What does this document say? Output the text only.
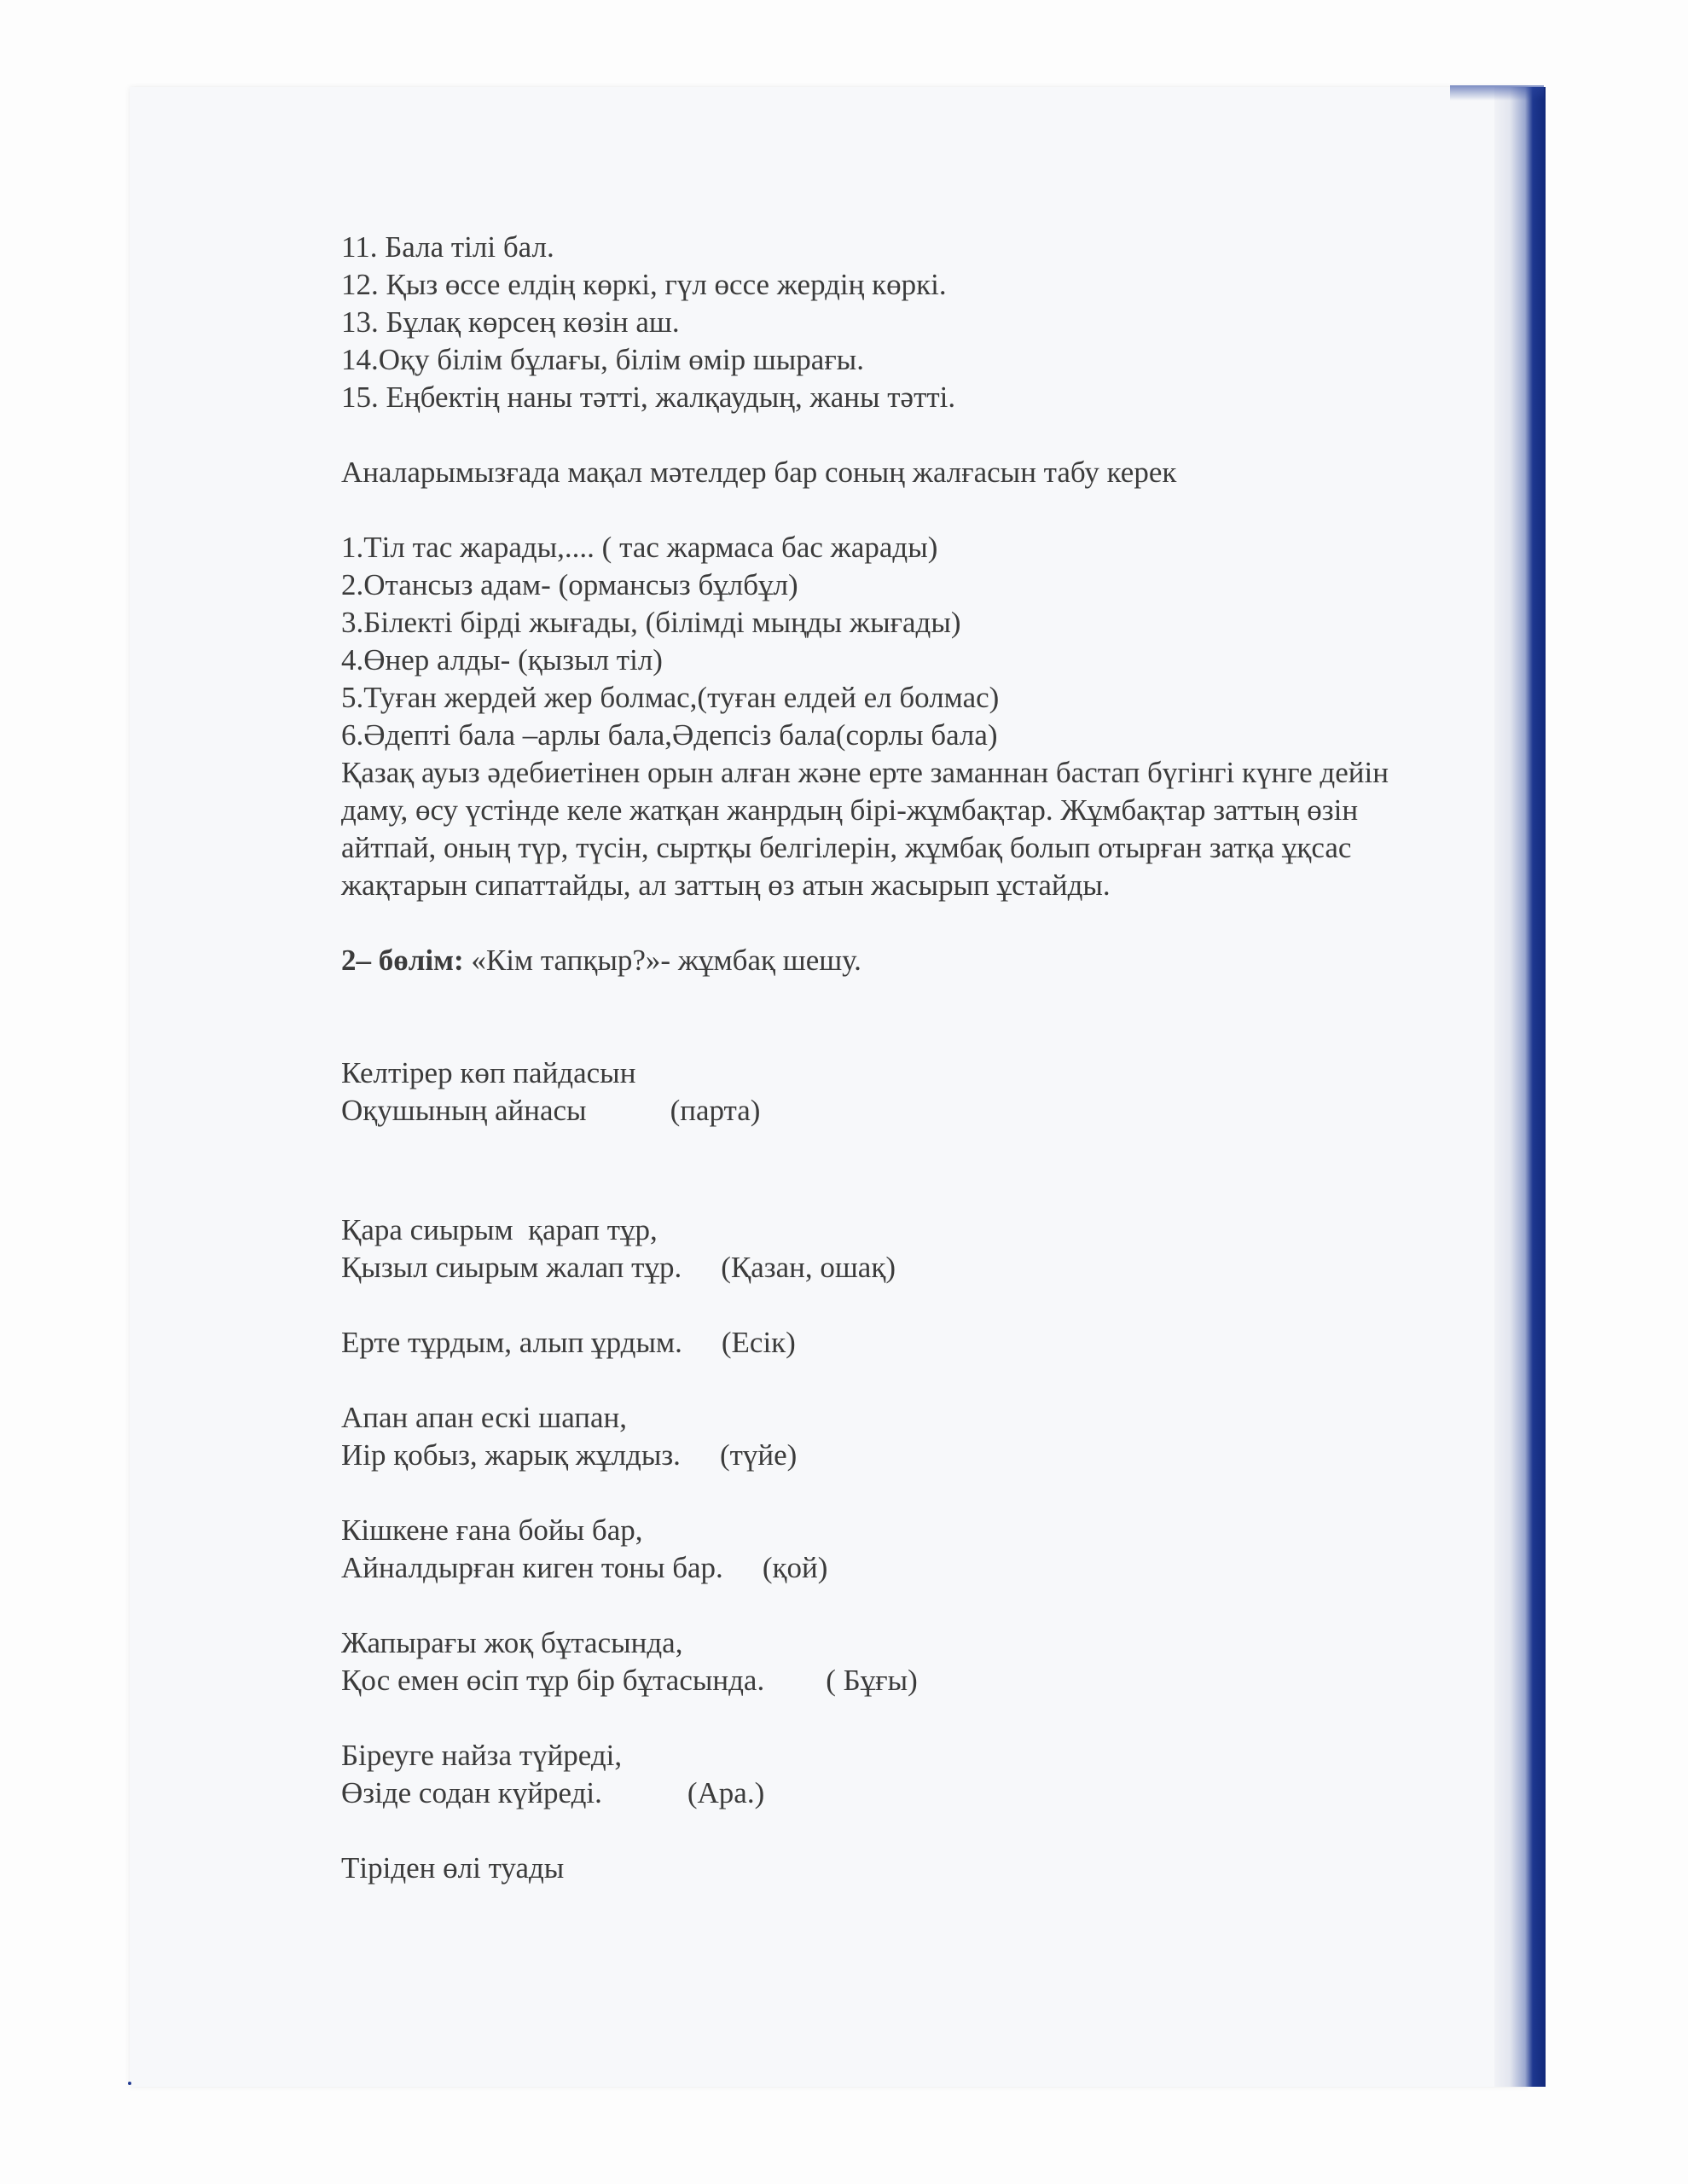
11. Бала тілі бал.
12. Қыз өссе елдің көркі, гүл өссе жердің көркі.
13. Бұлақ көрсең көзін аш.
14.Оқу білім бұлағы, білім өмір шырағы.
15. Еңбектің наны тәтті, жалқаудың, жаны тәтті.
Аналарымызғада мақал мәтелдер бар соның жалғасын табу керек
1.Тіл тас жарады,.... ( тас жармаса бас жарады)
2.Отансыз адам- (ормансыз бұлбұл)
3.Білекті бірді жығады, (білімді мыңды жығады)
4.Өнер алды- (қызыл тіл)
5.Туған жердей жер болмас,(туған елдей ел болмас)
6.Әдепті бала –арлы бала,Әдепсіз бала(сорлы бала)
Қазақ ауыз әдебиетінен орын алған және ерте заманнан бастап бүгінгі күнге дейін даму, өсу үстінде келе жатқан жанрдың бірі-жұмбақтар. Жұмбақтар заттың өзін айтпай, оның түр, түсін, сыртқы белгілерін, жұмбақ болып отырған затқа ұқсас жақтарын сипаттайды, ал заттың өз атын жасырып ұстайды.
2– бөлім: «Кім тапқыр?»- жұмбақ шешу.
Келтірер көп пайдасын
Оқушының айнасы	(парта)
Қара сиырым  қарап тұр,
Қызыл сиырым жалап тұр. (Қазан, ошақ)
Ерте тұрдым, алып ұрдым. (Есік)
Апан апан ескі шапан,
Иір қобыз, жарық жұлдыз. (түйе)
Кішкене ғана бойы бар,
Айналдырған киген тоны бар. (қой)
Жапырағы жоқ бұтасында,
Қос емен өсіп тұр бір бұтасында. ( Бұғы)
Біреуге найза түйреді,
Өзіде содан күйреді.	(Ара.)
Тіріден өлі туады
